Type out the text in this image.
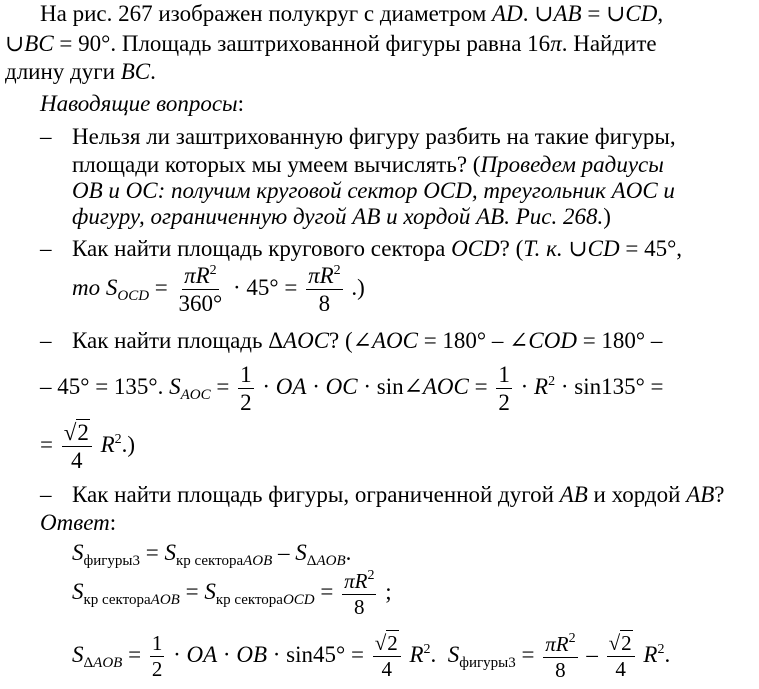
На рис. 267 изображен полукруг с диаметром AD. ∪AB = ∪CD,
∪BC = 90°. Площадь заштрихованной фигуры равна 16π. Найдите
длину дуги BC.
Наводящие вопросы:
– Нельзя ли заштрихованную фигуру разбить на такие фигуры,
площади которых мы умеем вычислять? (Проведем радиусы
OB и OC: получим круговой сектор OCD, треугольник AOC и
фигуру, ограниченную дугой AB и хордой AB. Рис. 268.)
– Как найти площадь кругового сектора OCD? (Т. к. ∪CD = 45°,
то $S_{OCD} = \frac{\pi R^2}{360^\circ} \cdot 45^\circ = \frac{\pi R^2}{8}$ .)
– Как найти площадь ΔAOC? (∠AOC = 180° – ∠COD = 180° –
– 45° = 135°. $S_{AOC} = \frac{1}{2}$ · OA · OC · sin∠AOC = $\frac{1}{2} \cdot R^2 \cdot \sin 135^\circ$ =
= $\frac{√2}{4} R^2$.)
– Как найти площадь фигуры, ограниченной дугой AB и хордой AB?
Ответ:
$S_{фигуры3} = S_{кр сектораAOB} - S_{\Delta AOB}$.
$S_{кр сектораAOB} = S_{кр сектораOCD} = \frac{\pi R^2}{8}$ ;
$S_{\Delta AOB} = \frac{1}{2}$ · OA · OB · $\sin 45^\circ = \frac{√2}{4} R^2$. $S_{фигуры3} = \frac{\pi R^2}{8} - \frac{√2}{4} R^2$.
